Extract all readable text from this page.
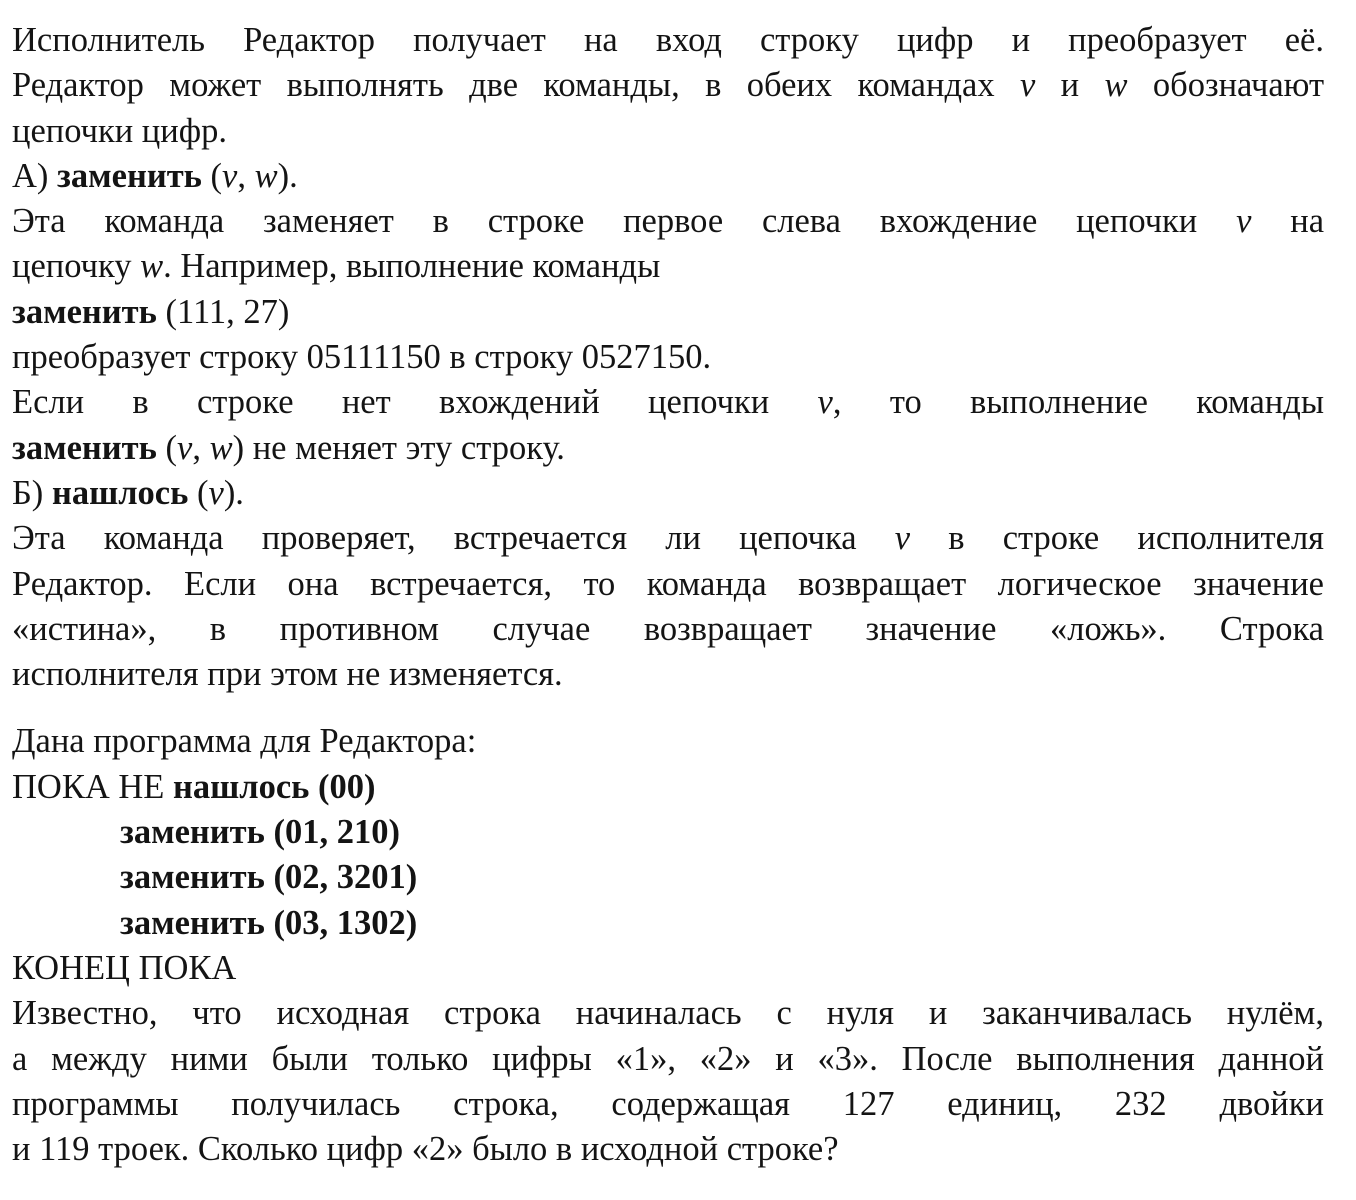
Исполнитель Редактор получает на вход строку цифр и преобразует её.

Редактор может выполнять две команды, в обеих командах v и w обозначают

цепочки цифр.

А) заменить (v, w).

Эта команда заменяет в строке первое слева вхождение цепочки v на

цепочку w. Например, выполнение команды

заменить (111, 27)

преобразует строку 05111150 в строку 0527150.

Если в строке нет вхождений цепочки v, то выполнение команды

заменить (v, w) не меняет эту строку.

Б) нашлось (v).

Эта команда проверяет, встречается ли цепочка v в строке исполнителя

Редактор. Если она встречается, то команда возвращает логическое значение

«истина», в противном случае возвращает значение «ложь». Строка

исполнителя при этом не изменяется.

Дана программа для Редактора:

ПОКА НЕ нашлось (00)

заменить (01, 210)

заменить (02, 3201)

заменить (03, 1302)

КОНЕЦ ПОКА

Известно, что исходная строка начиналась с нуля и заканчивалась нулём,

а между ними были только цифры «1», «2» и «3». После выполнения данной

программы получилась строка, содержащая 127 единиц, 232 двойки

и 119 троек. Сколько цифр «2» было в исходной строке?
